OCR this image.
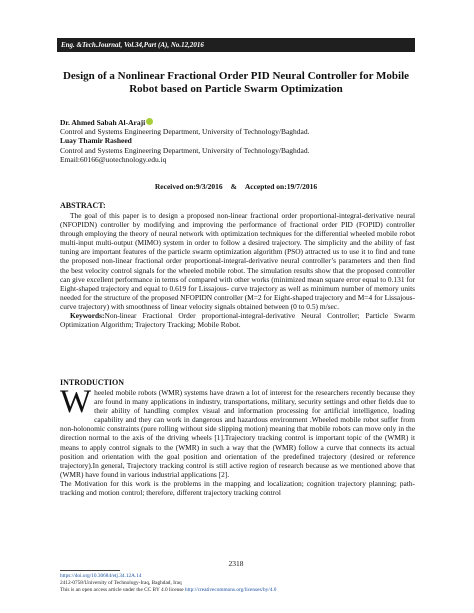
Eng. &Tech.Journal, Vol.34,Part (A), No.12,2016
Design of a Nonlinear Fractional Order PID Neural Controller for Mobile
Robot based on Particle Swarm Optimization
Dr. Ahmed Sabah Al-Araji
Control and Systems Engineering Department, University of Technology/Baghdad.
Luay Thamir Rasheed
Control and Systems Engineering Department, University of Technology/Baghdad.
Email:60166@uotechnology.edu.iq
Received on:9/3/2016 & Accepted on:19/7/2016
ABSTRACT:

The goal of this paper is to design a proposed non-linear fractional order proportional-integral-derivative neural (NFOPIDN) controller by modifying and improving the performance of fractional order PID (FOPID) controller through employing the theory of neural network with optimization techniques for the differential wheeled mobile robot multi-input multi-output (MIMO) system in order to follow a desired trajectory. The simplicity and the ability of fast tuning are important features of the particle swarm optimization algorithm (PSO) attracted us to use it to find and tune the proposed non-linear fractional order proportional-integral-derivative neural controller’s parameters and then find the best velocity control signals for the wheeled mobile robot. The simulation results show that the proposed controller can give excellent performance in terms of compared with other works (minimized mean square error equal to 0.131 for Eight-shaped trajectory and equal to 0.619 for Lissajous- curve trajectory as well as minimum number of memory units needed for the structure of the proposed NFOPIDN controller (M=2 for Eight-shaped trajectory and M=4 for Lissajous- curve trajectory) with smoothness of linear velocity signals obtained between (0 to 0.5) m/sec.

Keywords:Non-linear Fractional Order proportional-integral-derivative Neural Controller; Particle Swarm Optimization Algorithm; Trajectory Tracking; Mobile Robot.

INTRODUCTION

Wheeled mobile robots (WMR) systems have drawn a lot of interest for the researchers recently because they are found in many applications in industry, transportations, military, security settings and other fields due to their ability of handling complex visual and information processing for artificial intelligence, loading capability and they can work in dangerous and hazardous environment .Wheeled mobile robot suffer from non-holonomic constraints (pure rolling without side slipping motion) meaning that mobile robots can move only in the direction normal to the axis of the driving wheels [1].Trajectory tracking control is important topic of the (WMR) it means to apply control signals to the (WMR) in such a way that the (WMR) follow a curve that connects its actual position and orientation with the goal position and orientation of the predefined trajectory (desired or reference trajectory).In general, Trajectory tracking control is still active region of research because as we mentioned above that (WMR) have found in various industrial applications [2].

The Motivation for this work is the problems in the mapping and localization; cognition trajectory planning; path-tracking and motion control; therefore, different trajectory tracking control

2318
https://doi.org/10.30684/etj.34.12A.14
2412-0758/University of Technology-Iraq, Baghdad, Iraq
This is an open access article under the CC BY 4.0 license http://creativecommons.org/licenses/by/4.0
